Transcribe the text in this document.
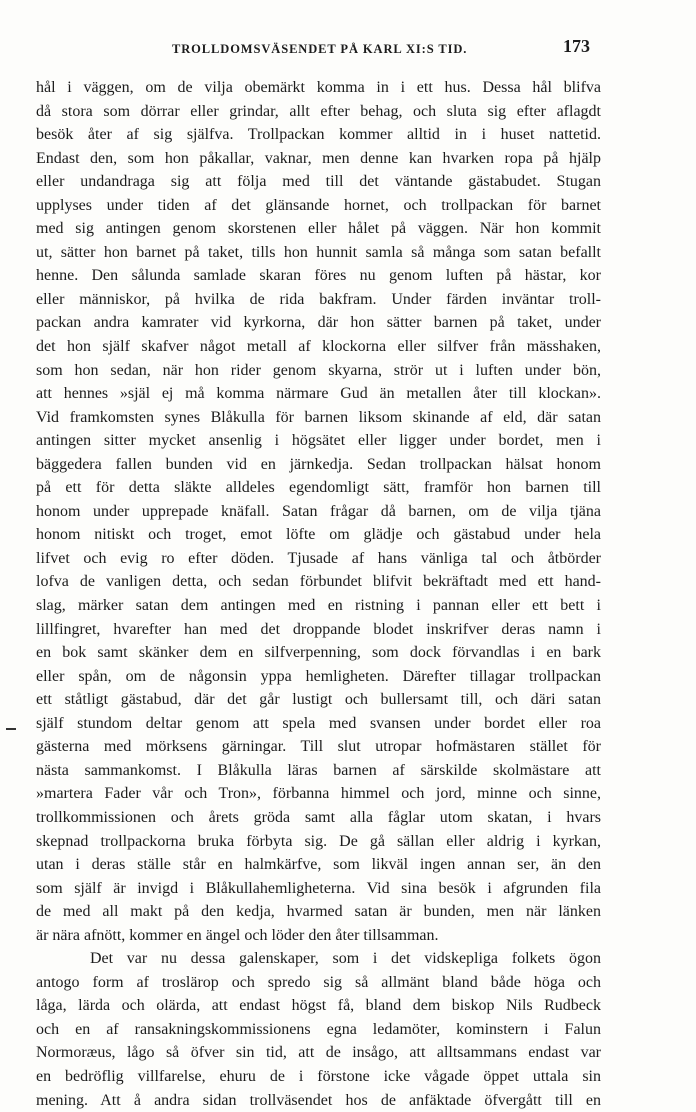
TROLLDOMSVÄSENDET PÅ KARL XI:S TID.	173
hål i väggen, om de vilja obemärkt komma in i ett hus. Dessa hål blifva
då stora som dörrar eller grindar, allt efter behag, och sluta sig efter aflagdt
besök åter af sig själfva. Trollpackan kommer alltid in i huset nattetid.
Endast den, som hon påkallar, vaknar, men denne kan hvarken ropa på hjälp
eller undandraga sig att följa med till det väntande gästabudet. Stugan
upplyses under tiden af det glänsande hornet, och trollpackan för barnet
med sig antingen genom skorstenen eller hålet på väggen. När hon kommit
ut, sätter hon barnet på taket, tills hon hunnit samla så många som satan befallt
henne. Den sålunda samlade skaran föres nu genom luften på hästar, kor
eller människor, på hvilka de rida bakfram. Under färden inväntar troll-
packan andra kamrater vid kyrkorna, där hon sätter barnen på taket, under
det hon själf skafver något metall af klockorna eller silfver från mässhaken,
som hon sedan, när hon rider genom skyarna, strör ut i luften under bön,
att hennes »själ ej må komma närmare Gud än metallen åter till klockan».
Vid framkomsten synes Blåkulla för barnen liksom skinande af eld, där satan
antingen sitter mycket ansenlig i högsätet eller ligger under bordet, men i
bäggedera fallen bunden vid en järnkedja. Sedan trollpackan hälsat honom
på ett för detta släkte alldeles egendomligt sätt, framför hon barnen till
honom under upprepade knäfall. Satan frågar då barnen, om de vilja tjäna
honom nitiskt och troget, emot löfte om glädje och gästabud under hela
lifvet och evig ro efter döden. Tjusade af hans vänliga tal och åtbörder
lofva de vanligen detta, och sedan förbundet blifvit bekräftadt med ett hand-
slag, märker satan dem antingen med en ristning i pannan eller ett bett i
lillfingret, hvarefter han med det droppande blodet inskrifver deras namn i
en bok samt skänker dem en silfverpenning, som dock förvandlas i en bark
eller spån, om de någonsin yppa hemligheten. Därefter tillagar trollpackan
ett ståtligt gästabud, där det går lustigt och bullersamt till, och däri satan
själf stundom deltar genom att spela med svansen under bordet eller roa
gästerna med mörksens gärningar. Till slut utropar hofmästaren stället för
nästa sammankomst. I Blåkulla läras barnen af särskilde skolmästare att
»martera Fader vår och Tron», förbanna himmel och jord, minne och sinne,
trollkommissionen och årets gröda samt alla fåglar utom skatan, i hvars
skepnad trollpackorna bruka förbyta sig. De gå sällan eller aldrig i kyrkan,
utan i deras ställe står en halmkärfve, som likväl ingen annan ser, än den
som själf är invigd i Blåkullahemligheterna. Vid sina besök i afgrunden fila
de med all makt på den kedja, hvarmed satan är bunden, men när länken
är nära afnött, kommer en ängel och löder den åter tillsamman.
Det var nu dessa galenskaper, som i det vidskepliga folkets ögon
antogo form af troslärор och spredo sig så allmänt bland både höga och
låga, lärda och olärda, att endast högst få, bland dem biskop Nils Rudbeck
och en af ransakningskommissionens egna ledamöter, kominstern i Falun
Normoræus, lågo så öfver sin tid, att de insågo, att alltsammans endast var
en bedröflig villfarelse, ehuru de i förstone icke vågade öppet uttala sin
mening. Att å andra sidan trollväsendet hos de anfäktade öfvergått till en
